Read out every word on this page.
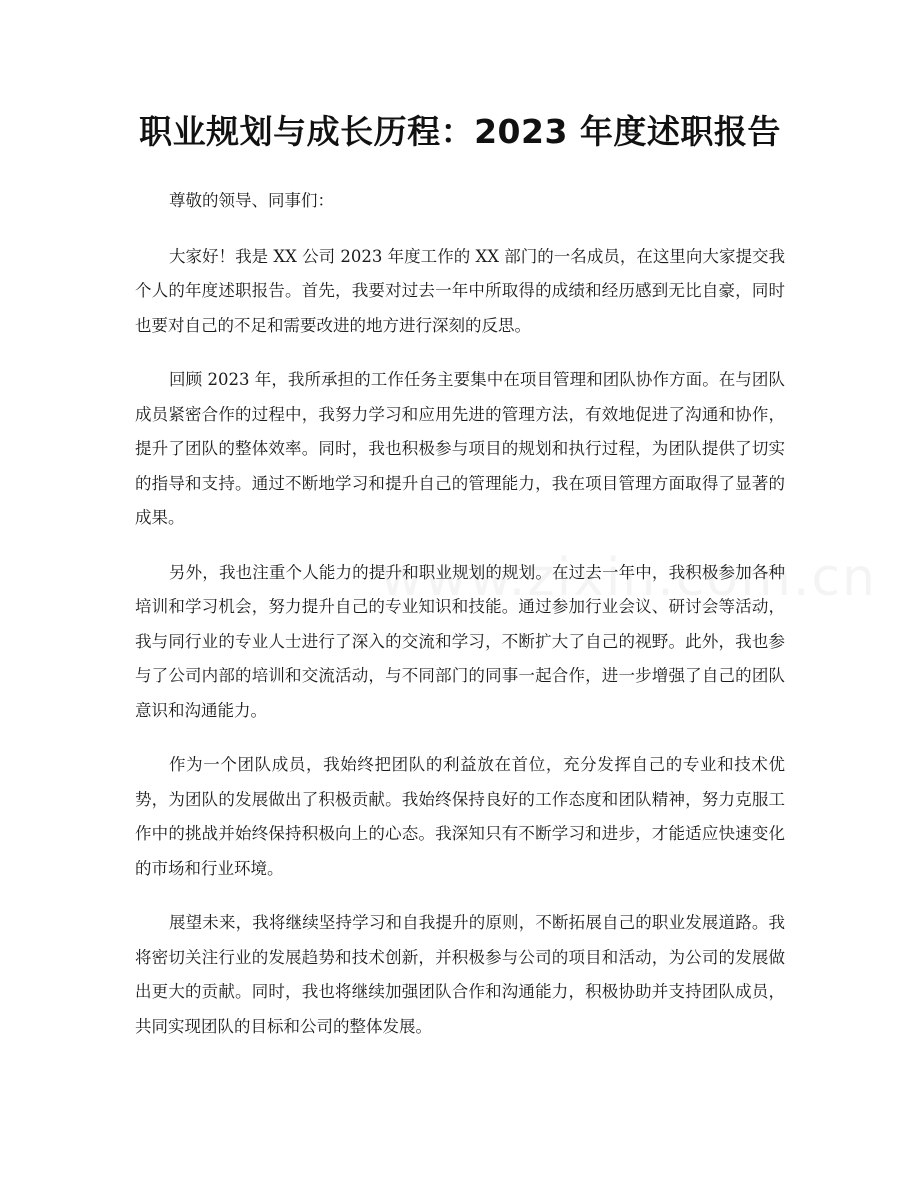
职业规划与成长历程：2023 年度述职报告

尊敬的领导、同事们：

大家好！我是 XX 公司 2023 年度工作的 XX 部门的一名成员，在这里向大家提交我个人的年度述职报告。首先，我要对过去一年中所取得的成绩和经历感到无比自豪，同时也要对自己的不足和需要改进的地方进行深刻的反思。

回顾 2023 年，我所承担的工作任务主要集中在项目管理和团队协作方面。在与团队成员紧密合作的过程中，我努力学习和应用先进的管理方法，有效地促进了沟通和协作，提升了团队的整体效率。同时，我也积极参与项目的规划和执行过程，为团队提供了切实的指导和支持。通过不断地学习和提升自己的管理能力，我在项目管理方面取得了显著的成果。

另外，我也注重个人能力的提升和职业规划的规划。在过去一年中，我积极参加各种培训和学习机会，努力提升自己的专业知识和技能。通过参加行业会议、研讨会等活动，我与同行业的专业人士进行了深入的交流和学习，不断扩大了自己的视野。此外，我也参与了公司内部的培训和交流活动，与不同部门的同事一起合作，进一步增强了自己的团队意识和沟通能力。

作为一个团队成员，我始终把团队的利益放在首位，充分发挥自己的专业和技术优势，为团队的发展做出了积极贡献。我始终保持良好的工作态度和团队精神，努力克服工作中的挑战并始终保持积极向上的心态。我深知只有不断学习和进步，才能适应快速变化的市场和行业环境。

展望未来，我将继续坚持学习和自我提升的原则，不断拓展自己的职业发展道路。我将密切关注行业的发展趋势和技术创新，并积极参与公司的项目和活动，为公司的发展做出更大的贡献。同时，我也将继续加强团队合作和沟通能力，积极协助并支持团队成员，共同实现团队的目标和公司的整体发展。
